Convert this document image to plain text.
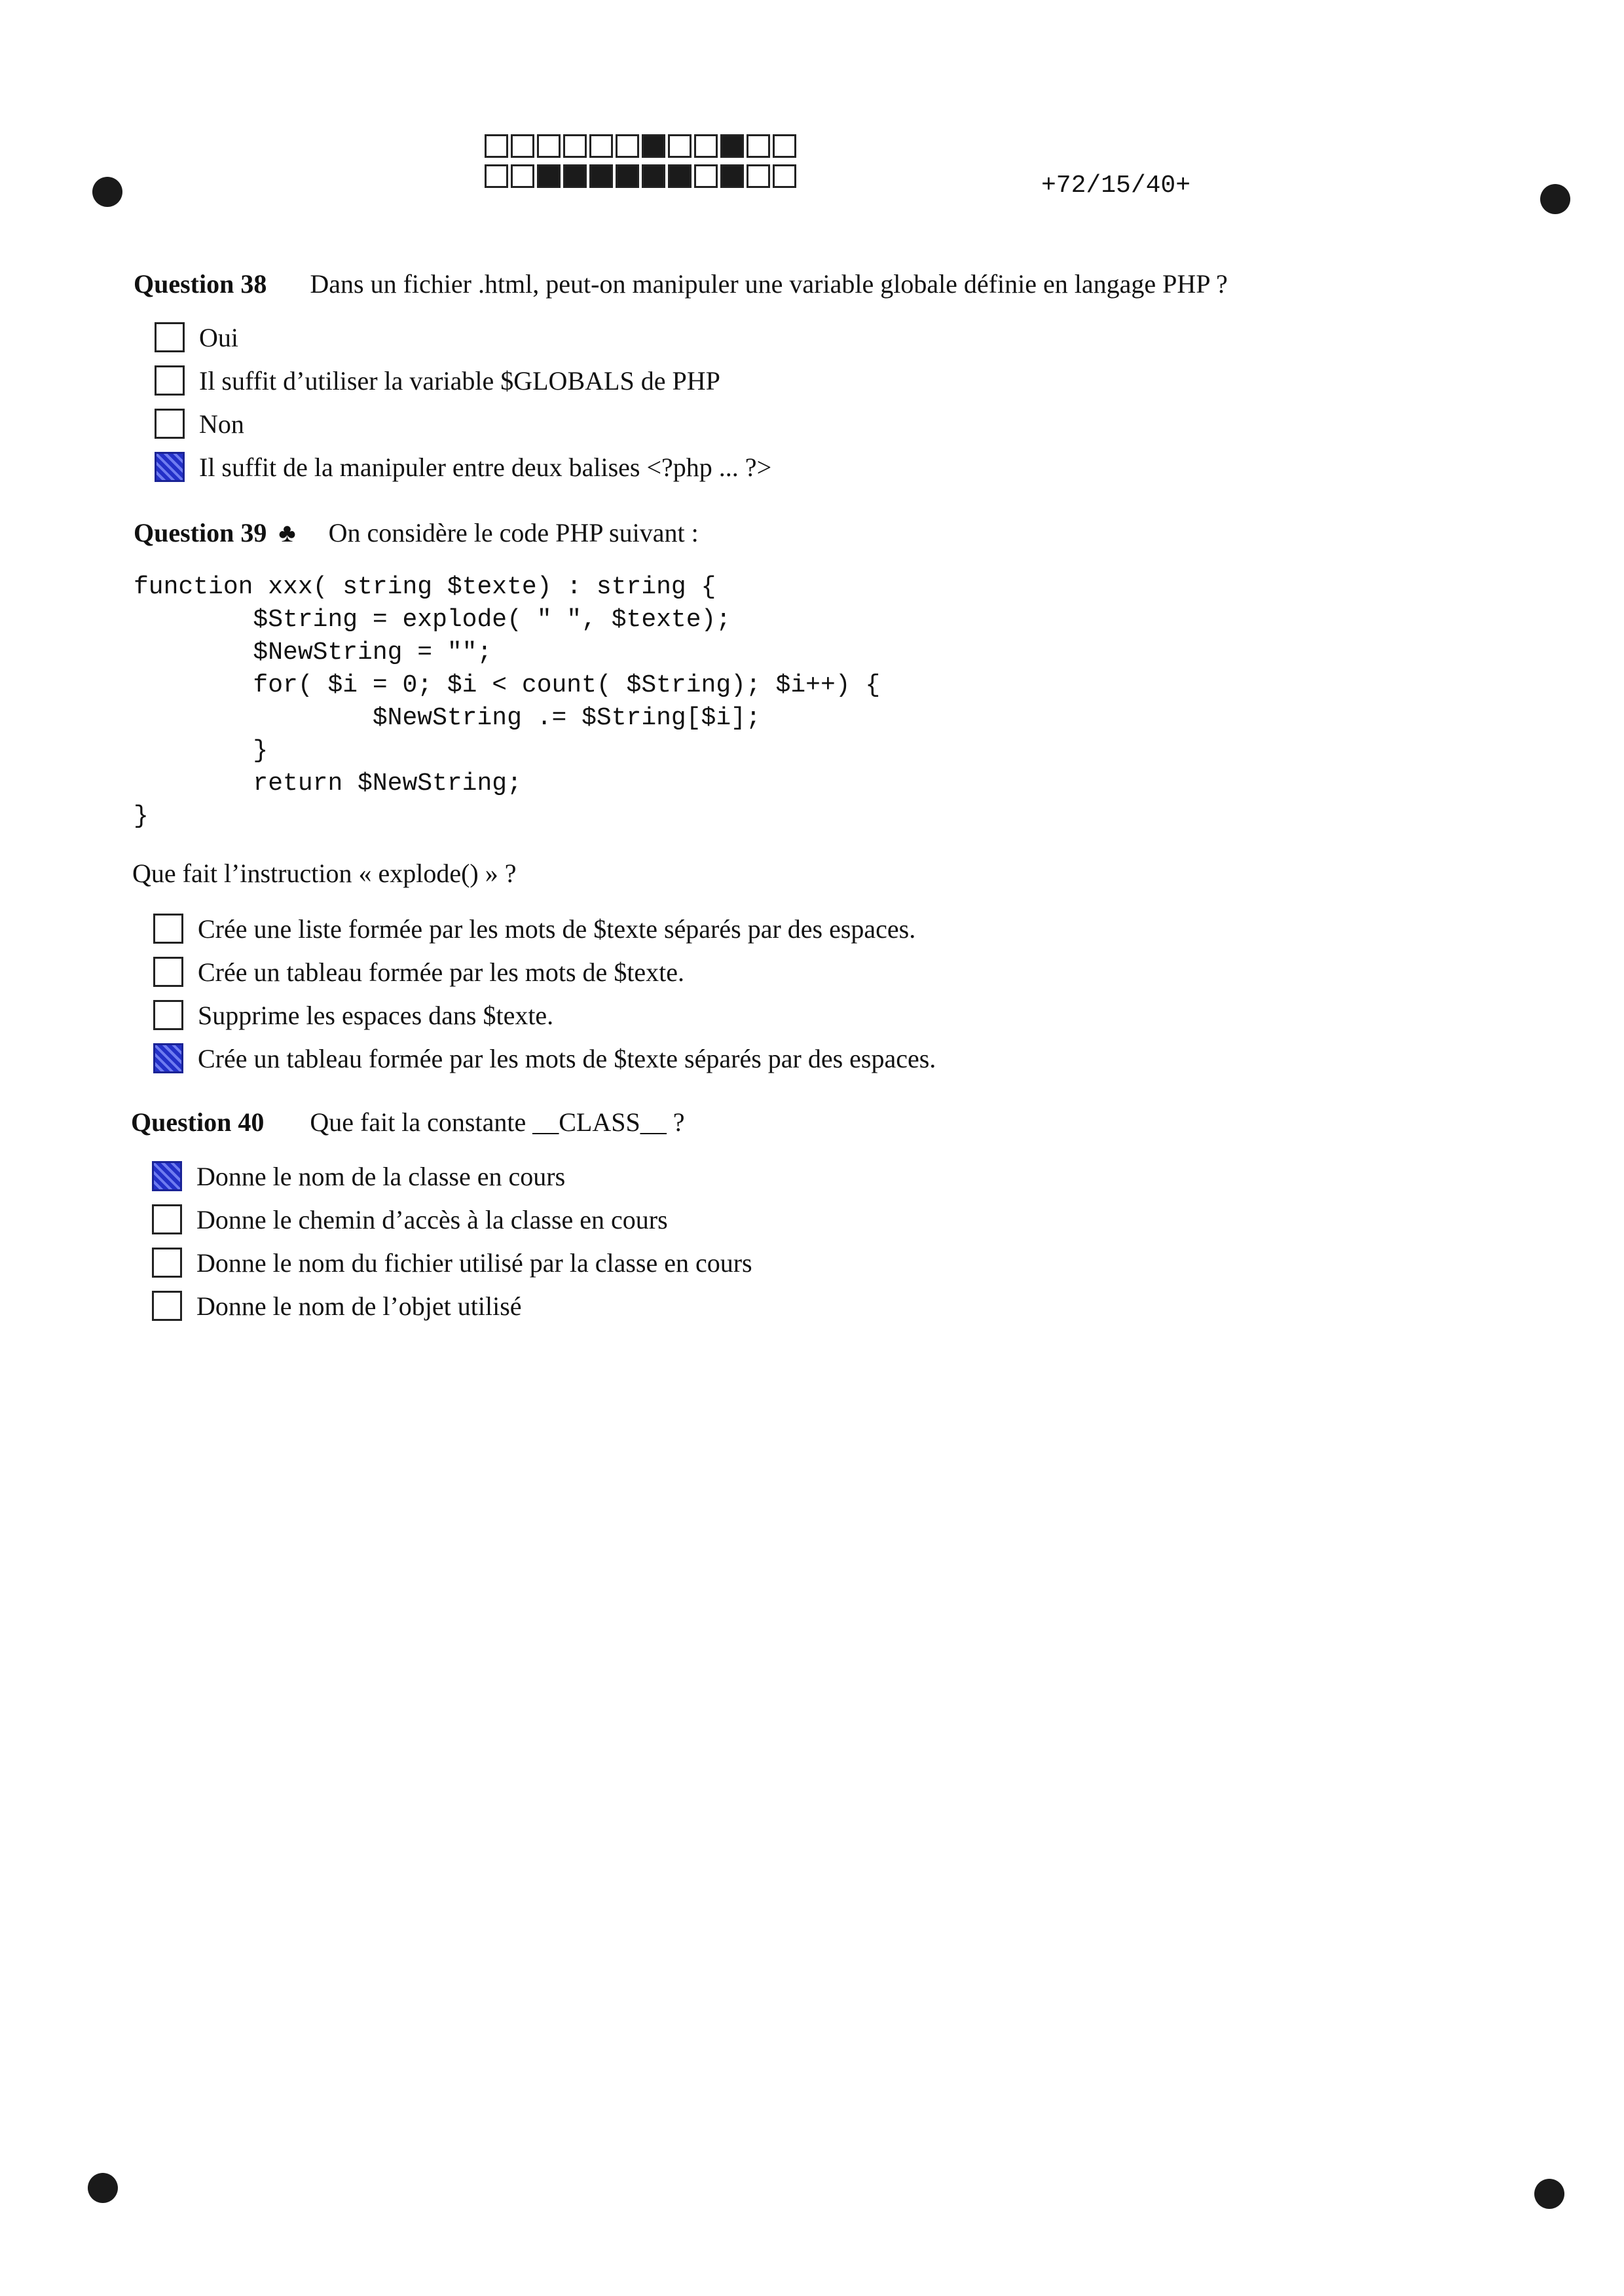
+72/15/40+
Question 38 Dans un fichier .html, peut-on manipuler une variable globale définie en langage PHP ?
Oui
Il suffit d’utiliser la variable $GLOBALS de PHP
Non
Il suffit de la manipuler entre deux balises <?php ... ?>
Question 39 ♣ On considère le code PHP suivant :
function xxx( string $texte) : string {
$String = explode( " ", $texte);
$NewString = "";
for( $i = 0; $i < count( $String); $i++) {
$NewString .= $String[$i];
}
return $NewString;
}
Que fait l’instruction « explode() » ?
Crée une liste formée par les mots de $texte séparés par des espaces.
Crée un tableau formée par les mots de $texte.
Supprime les espaces dans $texte.
Crée un tableau formée par les mots de $texte séparés par des espaces.
Question 40 Que fait la constante __CLASS__ ?
Donne le nom de la classe en cours
Donne le chemin d’accès à la classe en cours
Donne le nom du fichier utilisé par la classe en cours
Donne le nom de l’objet utilisé
